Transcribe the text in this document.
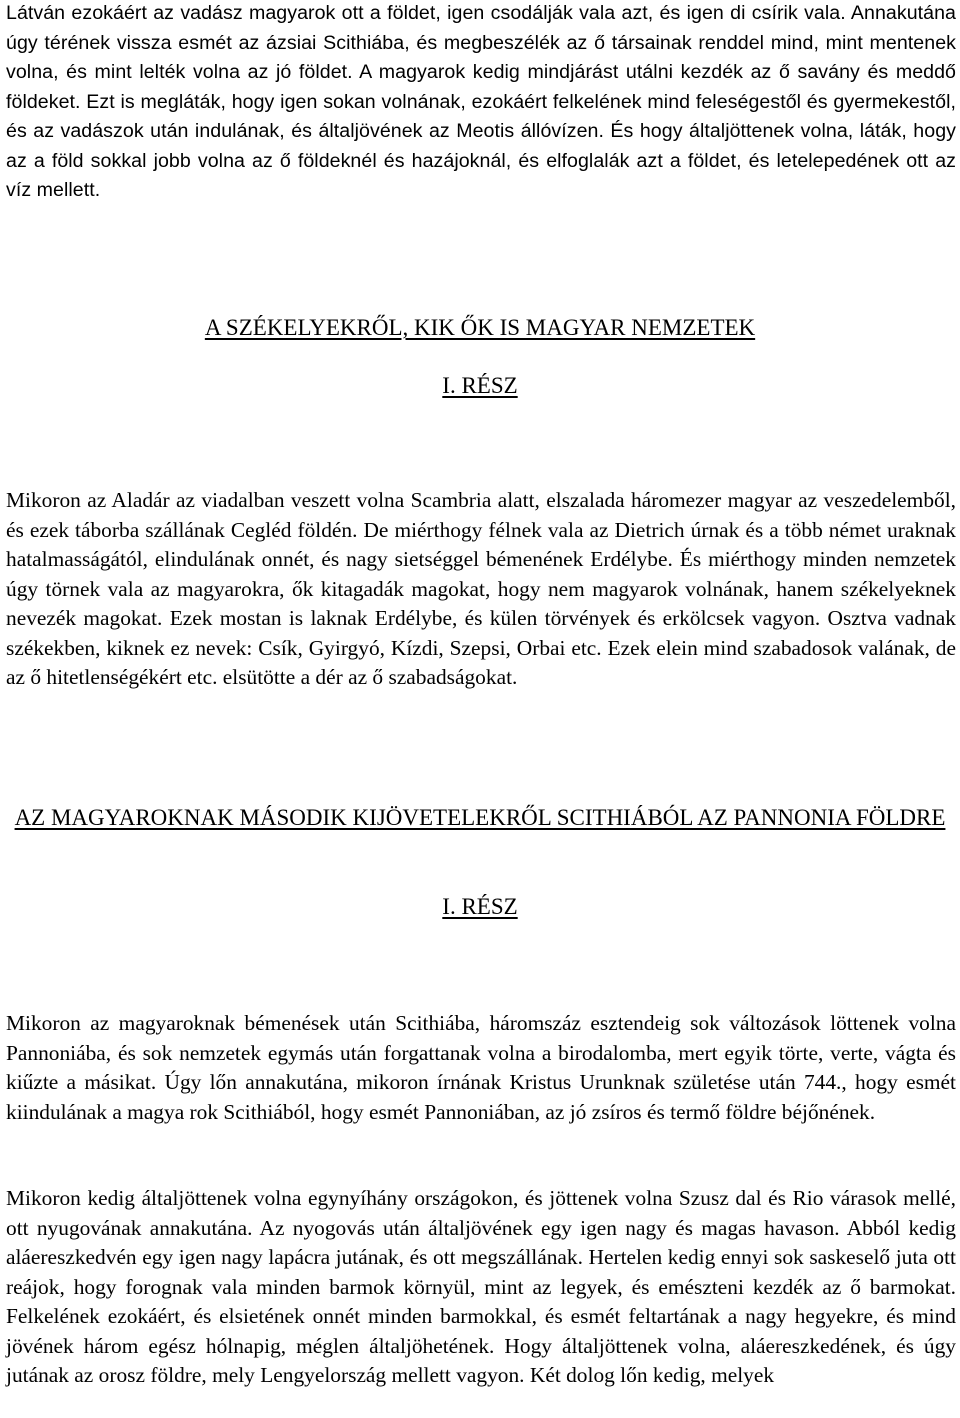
Látván ezokáért az vadász magyarok ott a földet, igen csodálják vala azt, és igen di csírik vala. Annakutána úgy térének vissza esmét az ázsiai Scithiába, és megbeszélék az ő társainak renddel mind, mint mentenek volna, és mint lelték volna az jó földet. A magyarok kedig mindjárást utálni kezdék az ő savány és meddő földeket. Ezt is megláták, hogy igen sokan volnának, ezokáért felkelének mind feleségestől és gyermekestől, és az vadászok után indulának, és általjövének az Meotis állóvízen. És hogy általjöttenek volna, láták, hogy az a föld sokkal jobb volna az ő földeknél és hazájoknál, és elfoglalák azt a földet, és letelepedének ott az víz mellett.

A SZÉKELYEKRŐL, KIK ŐK IS MAGYAR NEMZETEK
I. RÉSZ

Mikoron az Aladár az viadalban veszett volna Scambria alatt, elszalada háromezer magyar az veszedelemből, és ezek táborba szállának Cegléd földén. De miérthogy félnek vala az Dietrich úrnak és a több német uraknak hatalmasságától, elindulának onnét, és nagy sietséggel bémenének Erdélybe. És miérthogy minden nemzetek úgy törnek vala az magyarokra, ők kitagadák magokat, hogy nem magyarok volnának, hanem székelyeknek nevezék magokat. Ezek mostan is laknak Erdélybe, és külen törvények és erkölcsek vagyon. Osztva vadnak székekben, kiknek ez nevek: Csík, Gyirgyó, Kízdi, Szepsi, Orbai etc. Ezek elein mind szabadosok valának, de az ő hitetlenségékért etc. elsütötte a dér az ő szabadságokat.

AZ MAGYAROKNAK MÁSODIK KIJÖVETELEKRŐL SCITHIÁBÓL AZ PANNONIA FÖLDRE
I. RÉSZ

Mikoron az magyaroknak bémenések után Scithiába, háromszáz esztendeig sok változások löttenek volna Pannoniába, és sok nemzetek egymás után forgattanak volna a birodalomba, mert egyik törte, verte, vágta és kiűzte a másikat. Úgy lőn annakutána, mikoron írnának Kristus Urunknak születése után 744., hogy esmét kiindulának a magya rok Scithiából, hogy esmét Pannoniában, az jó zsíros és termő földre béjőnének.

Mikoron kedig általjöttenek volna egynyíhány országokon, és jöttenek volna Szusz dal és Rio várasok mellé, ott nyugovának annakutána. Az nyogovás után általjövének egy igen nagy és magas havason. Abból kedig aláereszkedvén egy igen nagy lapácra jutának, és ott megszállának. Hertelen kedig ennyi sok saskeselő juta ott reájok, hogy forognak vala minden barmok környül, mint az legyek, és emészteni kezdék az ő barmokat. Felkelének ezokáért, és elsietének onnét minden barmokkal, és esmét feltartának a nagy hegyekre, és mind jövének három egész hólnapig, méglen általjöhetének. Hogy általjöttenek volna, aláereszkedének, és úgy jutának az orosz földre, mely Lengyelország mellett vagyon. Két dolog lőn kedig, melyek
